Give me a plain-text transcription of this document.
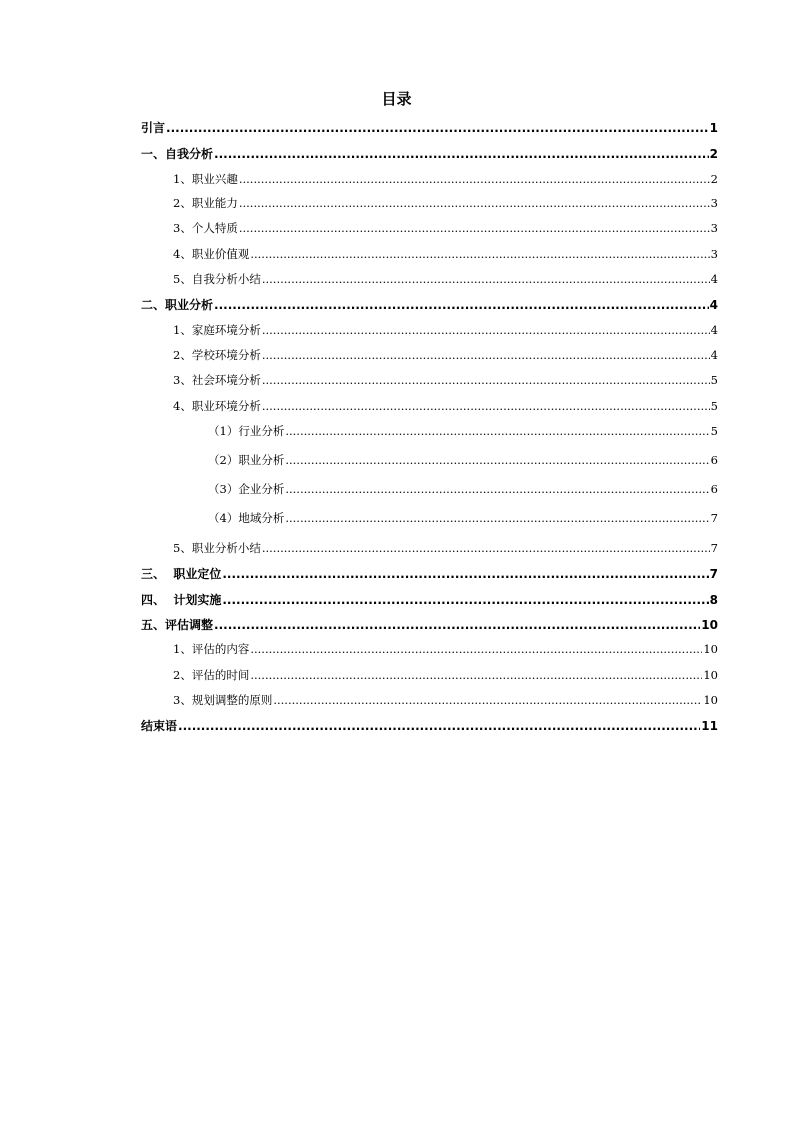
目录
引言 .....	1
一、自我分析 .....	2
1、职业兴趣 .....	2
2、职业能力 .....	3
3、个人特质 .....	3
4、职业价值观 .....	3
5、自我分析小结 .....	4
二、职业分析 .....	4
1、家庭环境分析 .....	4
2、学校环境分析 .....	4
3、社会环境分析 .....	5
4、职业环境分析 .....	5
（1）行业分析 .....	5
（2）职业分析 .....	6
（3）企业分析 .....	6
（4）地域分析 .....	7
5、职业分析小结 .....	7
三、  职业定位 .....	7
四、  计划实施 .....	8
五、评估调整 .....	10
1、评估的内容 .....	10
2、评估的时间 .....	10
3、规划调整的原则 .....	10
结束语 .....	11
